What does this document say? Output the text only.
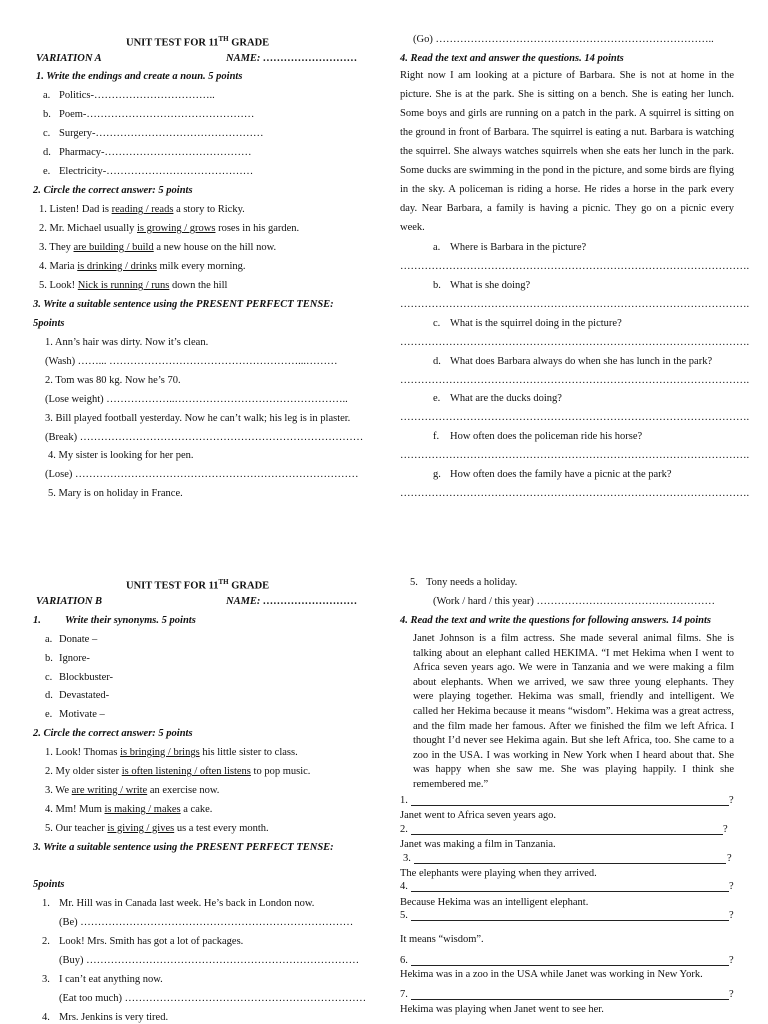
UNIT TEST FOR 11TH GRADE
VARIATION A	NAME: ………………………
1. Write the endings and create a noun. 5 points
a. Politics-……………………………..
b. Poem-…………………………………………
c. Surgery-…………………………………………
d. Pharmacy-……………………………………
e. Electricity-……………………………………
2. Circle the correct answer: 5 points
1. Listen! Dad is reading / reads a story to Ricky.
2. Mr. Michael usually is growing / grows roses in his garden.
3. They are building / build a new house on the hill now.
4. Maria is drinking / drinks milk every morning.
5. Look! Nick is running / runs down the hill
3. Write a suitable sentence using the PRESENT PERFECT TENSE:
5points
1. Ann’s hair was dirty. Now it’s clean.
(Wash) ……... ………………………………………………...………
2. Tom was 80 kg. Now he’s 70.
(Lose weight) ………………..…………………………………………..
3. Bill played football yesterday. Now he can’t walk; his leg is in plaster.
(Break) ………………………………………………………………………
4. My sister is looking for her pen.
(Lose) ………………………………………………………………………
5. Mary is on holiday in France.
(Go) ……………………………………………………………………..
4. Read the text and answer the questions. 14 points
Right now I am looking at a picture of Barbara. She is not at home in the picture. She is at the park. She is sitting on a bench. She is eating her lunch. Some boys and girls are running on a patch in the park. A squirrel is sitting on the ground in front of Barbara. The squirrel is eating a nut. Barbara is watching the squirrel. She always watches squirrels when she eats her lunch in the park. Some ducks are swimming in the pond in the picture, and some birds are flying in the sky. A policeman is riding a horse. He rides a horse in the park every day. Near Barbara, a family is having a picnic. They go on a picnic every week.
a. Where is Barbara in the picture?
……………………………………………………………………………………….
b. What is she doing?
……………………………………………………………………………………….
c. What is the squirrel doing in the picture?
……………………………………………………………………………………….
d. What does Barbara always do when she has lunch in the park?
……………………………………………………………………………………….
e. What are the ducks doing?
……………………………………………………………………………………….
f. How often does the policeman ride his horse?
……………………………………………………………………………………….
g. How often does the family have a picnic at the park?
……………………………………………………………………………………….
UNIT TEST FOR 11TH GRADE
VARIATION B	NAME: ………………………
1. Write their synonyms. 5 points
a. Donate –
b. Ignore-
c. Blockbuster-
d. Devastated-
e. Motivate –
2. Circle the correct answer: 5 points
1. Look! Thomas is bringing / brings his little sister to class.
2. My older sister is often listening / often listens to pop music.
3. We are writing / write an exercise now.
4. Mm! Mum is making / makes a cake.
5. Our teacher is giving / gives us a test every month.
3. Write a suitable sentence using the PRESENT PERFECT TENSE:
5points
1. Mr. Hill was in Canada last week. He’s back in London now.
(Be) ……………………………………………………………………
2. Look! Mrs. Smith has got a lot of packages.
(Buy) ……………………………………………………………………
3. I can’t eat anything now.
(Eat too much) ……………………………………………………………
4. Mrs. Jenkins is very tired.
5. Tony needs a holiday.
(Work / hard / this year) ……………………………………………
4. Read the text and write the questions for following answers. 14 points
Janet Johnson is a film actress. She made several animal films. She is talking about an elephant called HEKIMA. “I met Hekima when I went to Africa seven years ago. We were in Tanzania and we were making a film about elephants. When we arrived, we saw three young elephants. They were playing together. Hekima was small, friendly and intelligent. We called her Hekima because it means “wisdom”. Hekima was a great actress, and the film made her famous. After we finished the film we left Africa. I thought I’d never see Hekima again. But she left Africa, too. She came to a zoo in the USA. I was working in New York when I heard about that. She was happy when she saw me. She was playing happily. I think she remembered me.”
1.	?
Janet went to Africa seven years ago.
2.	?
Janet was making a film in Tanzania.
3.	?
The elephants were playing when they arrived.
4.	?
Because Hekima was an intelligent elephant.
5.	?
It means “wisdom”.
6.	?
Hekima was in a zoo in the USA while Janet was working in New York.
7.	?
Hekima was playing when Janet went to see her.
